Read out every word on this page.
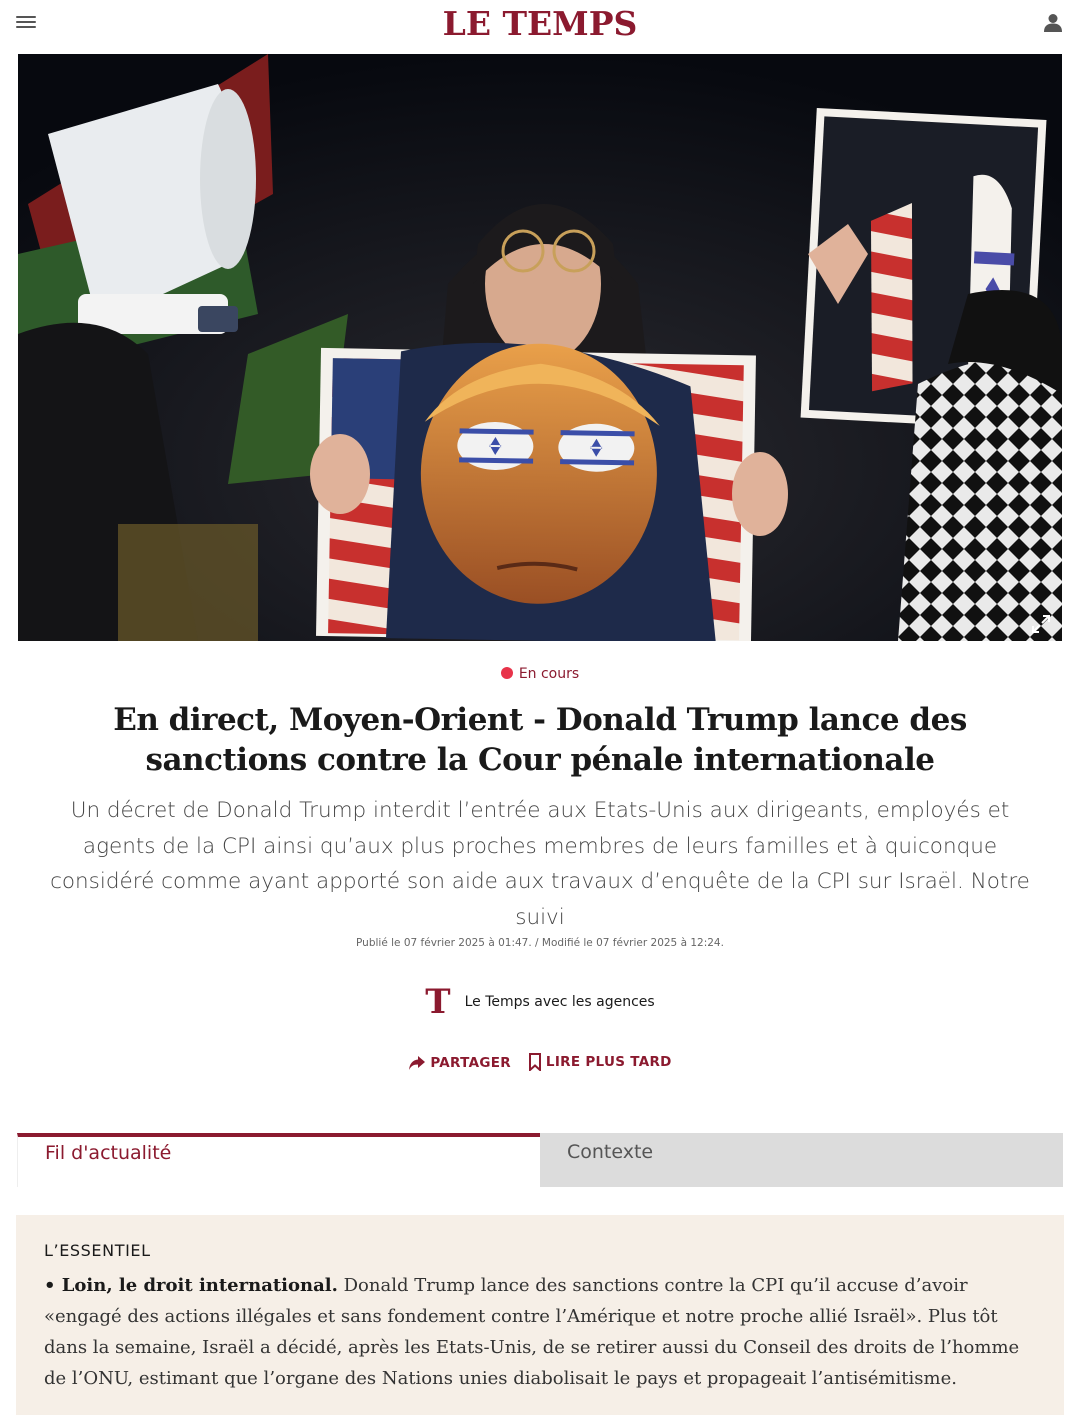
LE TEMPS
En cours
En direct, Moyen-Orient - Donald Trump lance des sanctions contre la Cour pénale internationale

Un décret de Donald Trump interdit l’entrée aux Etats-Unis aux dirigeants, employés et agents de la CPI ainsi qu’aux plus proches membres de leurs familles et à quiconque considéré comme ayant apporté son aide aux travaux d’enquête de la CPI sur Israël. Notre suivi

Publié le 07 février 2025 à 01:47. / Modifié le 07 février 2025 à 12:24.
T Le Temps avec les agences
PARTAGER
	LIRE PLUS TARD
Fil d'actualité	Contexte
L’ESSENTIEL

• Loin, le droit international. Donald Trump lance des sanctions contre la CPI qu’il accuse d’avoir «engagé des actions illégales et sans fondement contre l’Amérique et notre proche allié Israël». Plus tôt dans la semaine, Israël a décidé, après les Etats-Unis, de se retirer aussi du Conseil des droits de l’homme de l’ONU, estimant que l’organe des Nations unies diabolisait le pays et propageait l’antisémitisme.
